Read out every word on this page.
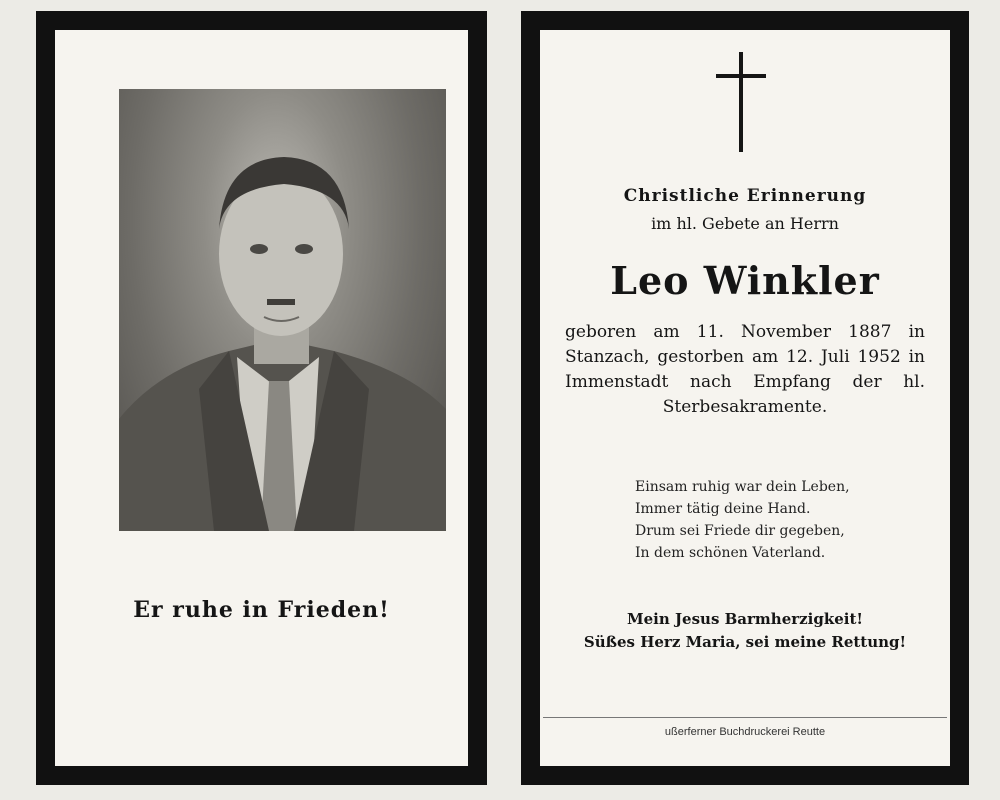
Er ruhe in Frieden!
Christliche Erinnerung
im hl. Gebete an Herrn
Leo Winkler
geboren am 11. November 1887 in Stanzach, gestorben am 12. Juli 1952 in Immenstadt nach Empfang der hl. Sterbesakramente.
Einsam ruhig war dein Leben,
Immer tätig deine Hand.
Drum sei Friede dir gegeben,
In dem schönen Vaterland.
Mein Jesus Barmherzigkeit!
Süßes Herz Maria, sei meine Rettung!
ußerferner Buchdruckerei Reutte
